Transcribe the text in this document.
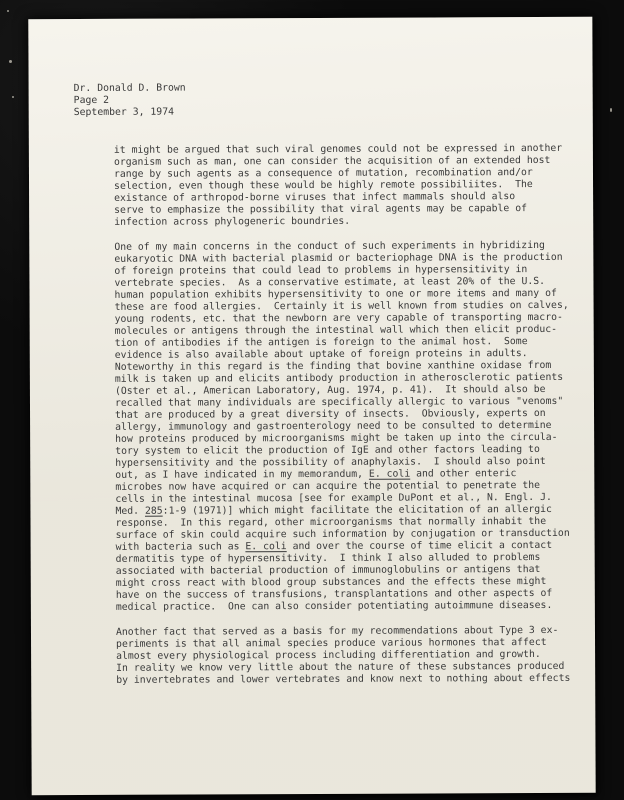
Dr. Donald D. Brown
Page 2
September 3, 1974
it might be argued that such viral genomes could not be expressed in another
organism such as man, one can consider the acquisition of an extended host
range by such agents as a consequence of mutation, recombination and/or
selection, even though these would be highly remote possibiliites.  The
existance of arthropod-borne viruses that infect mammals should also
serve to emphasize the possibility that viral agents may be capable of
infection across phylogeneric boundries.
One of my main concerns in the conduct of such experiments in hybridizing
eukaryotic DNA with bacterial plasmid or bacteriophage DNA is the production
of foreign proteins that could lead to problems in hypersensitivity in
vertebrate species.  As a conservative estimate, at least 20% of the U.S.
human population exhibits hypersensitivity to one or more items and many of
these are food allergies.  Certainly it is well known from studies on calves,
young rodents, etc. that the newborn are very capable of transporting macro-
molecules or antigens through the intestinal wall which then elicit produc-
tion of antibodies if the antigen is foreign to the animal host.  Some
evidence is also available about uptake of foreign proteins in adults.
Noteworthy in this regard is the finding that bovine xanthine oxidase from
milk is taken up and elicits antibody production in atherosclerotic patients
(Oster et al., American Laboratory, Aug. 1974, p. 41).  It should also be
recalled that many individuals are specifically allergic to various "venoms"
that are produced by a great diversity of insects.  Obviously, experts on
allergy, immunology and gastroenterology need to be consulted to determine
how proteins produced by microorganisms might be taken up into the circula-
tory system to elicit the production of IgE and other factors leading to
hypersensitivity and the possibility of anaphylaxis.  I should also point
out, as I have indicated in my memorandum, E. coli and other enteric
microbes now have acquired or can acquire the potential to penetrate the
cells in the intestinal mucosa [see for example DuPont et al., N. Engl. J.
Med. 285:1-9 (1971)] which might facilitate the elicitation of an allergic
response.  In this regard, other microorganisms that normally inhabit the
surface of skin could acquire such information by conjugation or transduction
with bacteria such as E. coli and over the course of time elicit a contact
dermatitis type of hypersensitivity.  I think I also alluded to problems
associated with bacterial production of immunoglobulins or antigens that
might cross react with blood group substances and the effects these might
have on the success of transfusions, transplantations and other aspects of
medical practice.  One can also consider potentiating autoimmune diseases.
Another fact that served as a basis for my recommendations about Type 3 ex-
periments is that all animal species produce various hormones that affect
almost every physiological process including differentiation and growth.
In reality we know very little about the nature of these substances produced
by invertebrates and lower vertebrates and know next to nothing about effects
